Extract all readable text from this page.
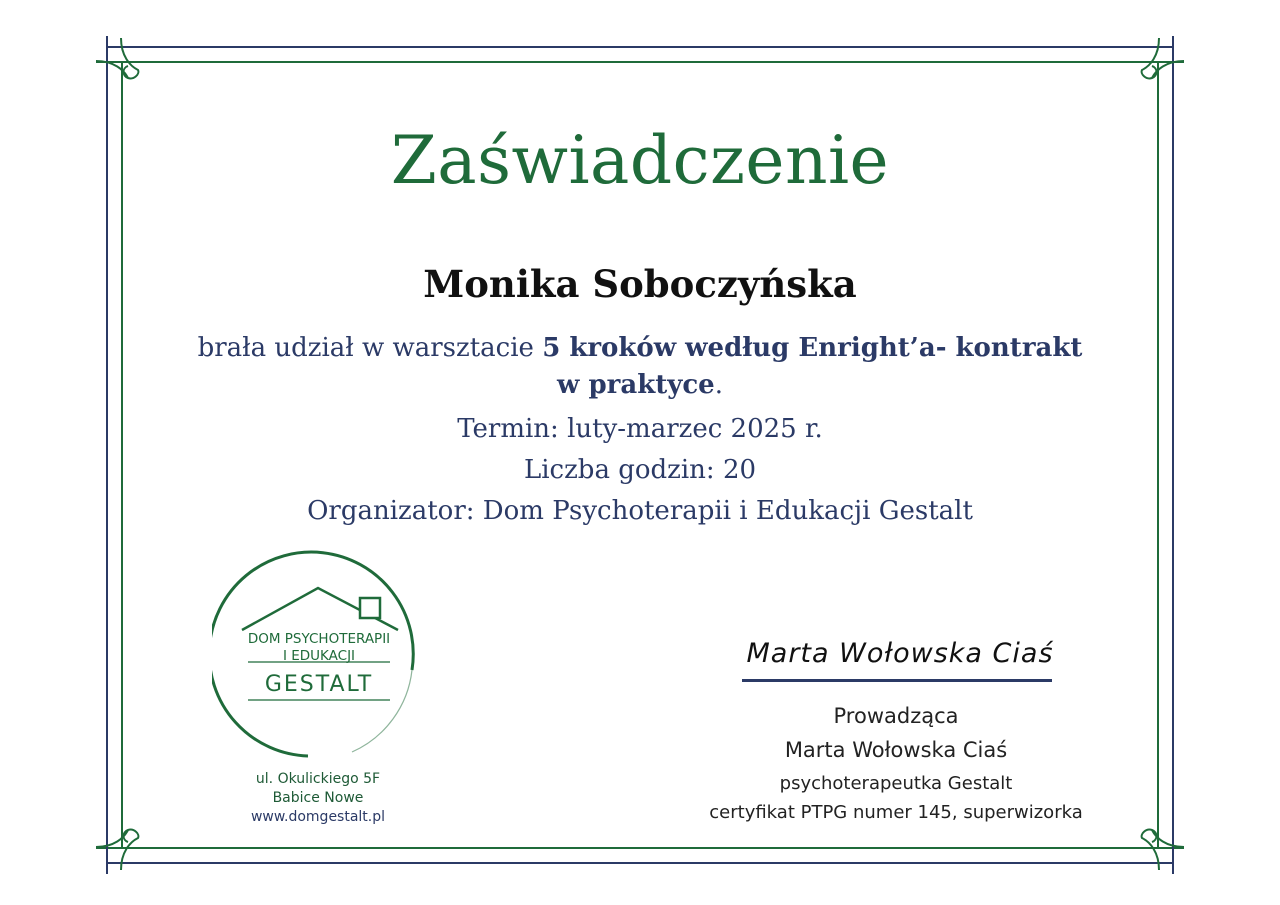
Zaświadczenie
Monika Soboczyńska
brała udział w warsztacie 5 kroków według Enright’a- kontrakt
w praktyce.
Termin: luty-marzec 2025 r.
Liczba godzin: 20
Organizator: Dom Psychoterapii i Edukacji Gestalt
DOM PSYCHOTERAPII
I EDUKACJI
GESTALT
ul. Okulickiego 5F
Babice Nowe
www.domgestalt.pl
Marta Wołowska Ciaś
Prowadząca
Marta Wołowska Ciaś
psychoterapeutka Gestalt
certyfikat PTPG numer 145, superwizorka
